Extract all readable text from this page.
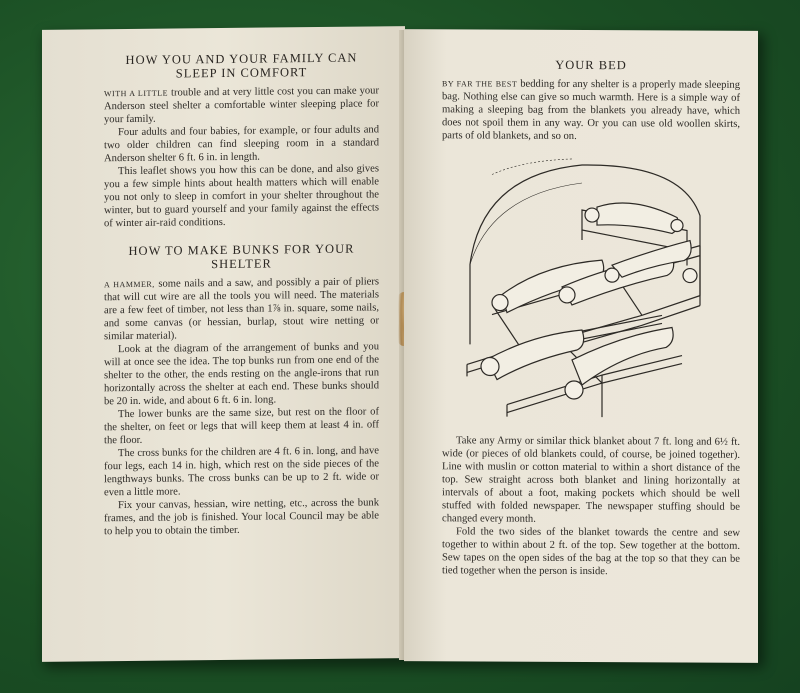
HOW YOU AND YOUR FAMILY CAN SLEEP IN COMFORT

WITH A LITTLE trouble and at very little cost you can make your Anderson steel shelter a comfortable winter sleeping place for your family.

Four adults and four babies, for example, or four adults and two older children can find sleeping room in a standard Anderson shelter 6 ft. 6 in. in length.

This leaflet shows you how this can be done, and also gives you a few simple hints about health matters which will enable you not only to sleep in comfort in your shelter throughout the winter, but to guard yourself and your family against the effects of winter air-raid conditions.

HOW TO MAKE BUNKS FOR YOUR SHELTER

A HAMMER, some nails and a saw, and possibly a pair of pliers that will cut wire are all the tools you will need. The materials are a few feet of timber, not less than 1⅞ in. square, some nails, and some canvas (or hessian, burlap, stout wire netting or similar material).

Look at the diagram of the arrangement of bunks and you will at once see the idea. The top bunks run from one end of the shelter to the other, the ends resting on the angle-irons that run horizontally across the shelter at each end. These bunks should be 20 in. wide, and about 6 ft. 6 in. long.

The lower bunks are the same size, but rest on the floor of the shelter, on feet or legs that will keep them at least 4 in. off the floor.

The cross bunks for the children are 4 ft. 6 in. long, and have four legs, each 14 in. high, which rest on the side pieces of the lengthways bunks. The cross bunks can be up to 2 ft. wide or even a little more.

Fix your canvas, hessian, wire netting, etc., across the bunk frames, and the job is finished. Your local Council may be able to help you to obtain the timber.

YOUR BED

BY FAR THE BEST bedding for any shelter is a properly made sleeping bag. Nothing else can give so much warmth. Here is a simple way of making a sleeping bag from the blankets you already have, which does not spoil them in any way. Or you can use old woollen skirts, parts of old blankets, and so on.

Take any Army or similar thick blanket about 7 ft. long and 6½ ft. wide (or pieces of old blankets could, of course, be joined together). Line with muslin or cotton material to within a short distance of the top. Sew straight across both blanket and lining horizontally at intervals of about a foot, making pockets which should be well stuffed with folded newspaper. The newspaper stuffing should be changed every month.

Fold the two sides of the blanket towards the centre and sew together to within about 2 ft. of the top. Sew together at the bottom. Sew tapes on the open sides of the bag at the top so that they can be tied together when the person is inside.
